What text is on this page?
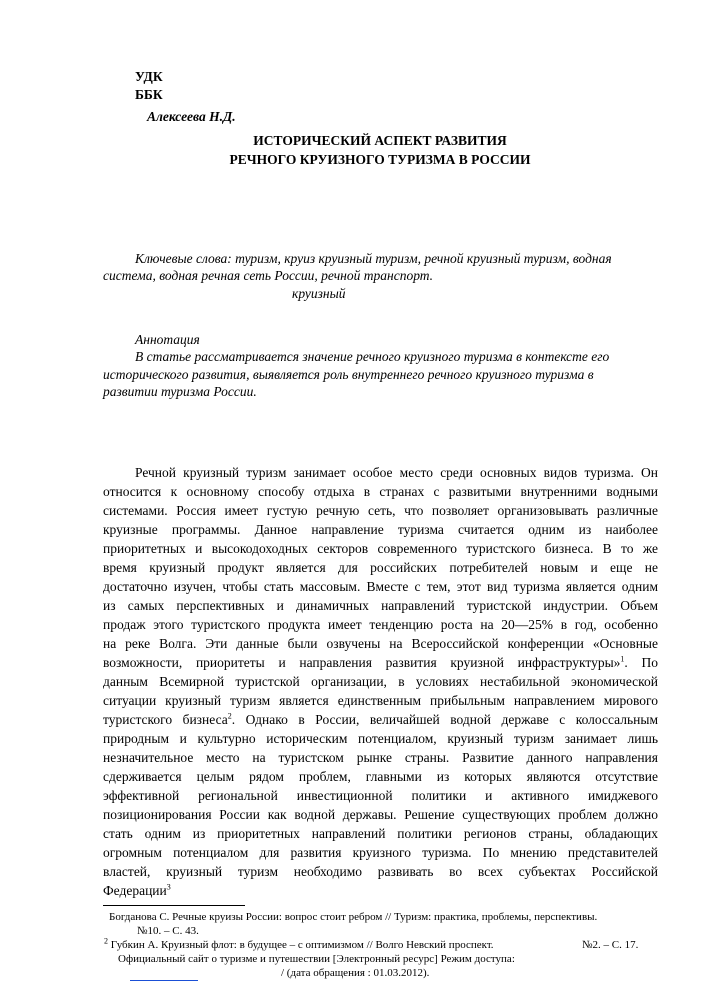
УДК
ББК
Алексеева Н.Д.
ИСТОРИЧЕСКИЙ АСПЕКТ РАЗВИТИЯ
РЕЧНОГО КРУИЗНОГО ТУРИЗМА В РОССИИ
Ключевые слова: туризм, круиз круизный туризм, речной круизный туризм, водная
система, водная речная сеть России, речной транспорт.
круизный
Аннотация
В статье рассматривается значение речного круизного туризма в контексте его
исторического развития, выявляется роль внутреннего речного круизного туризма в
развитии туризма России.
Речной круизный туризм занимает особое место среди основных видов туризма. Он
относится к основному способу отдыха в странах с развитыми внутренними водными
системами. Россия имеет густую речную сеть, что позволяет организовывать различные
круизные программы. Данное направление туризма считается одним из наиболее
приоритетных и высокодоходных секторов современного туристского бизнеса. В то же
время круизный продукт является для российских потребителей новым и еще не
достаточно изучен, чтобы стать массовым. Вместе с тем, этот вид туризма является одним
из самых перспективных и динамичных направлений туристской индустрии. Объем
продаж этого туристского продукта имеет тенденцию роста на 20—25% в год, особенно
на реке Волга. Эти данные были озвучены на Всероссийской конференции «Основные
возможности, приоритеты и направления развития круизной инфраструктуры»$^1$. По
данным Всемирной туристской организации, в условиях нестабильной экономической
ситуации круизный туризм является единственным прибыльным направлением мирового
туристского бизнеса$^2$. Однако в России, величайшей водной державе с колоссальным
природным и культурно историческим потенциалом, круизный туризм занимает лишь
незначительное место на туристском рынке страны. Развитие данного направления
сдерживается целым рядом проблем, главными из которых являются отсутствие
эффективной региональной инвестиционной политики и активного имиджевого
позиционирования России как водной державы. Решение существующих проблем должно
стать одним из приоритетных направлений политики регионов страны, обладающих
огромным потенциалом для развития круизного туризма. По мнению представителей
властей, круизный туризм необходимо развивать во всех субъектах Российской
Федерации$^3$
Богданова С. Речные круизы России: вопрос стоит ребром // Туризм: практика, проблемы, перспективы.
№10. – С. 43.
$^2$ Губкин А. Круизный флот: в будущее – с оптимизмом // Волго Невский проспект.	№2. – С. 17.
Официальный сайт о туризме и путешествии [Электронный ресурс] Режим доступа:
/ (дата обращения : 01.03.2012).
